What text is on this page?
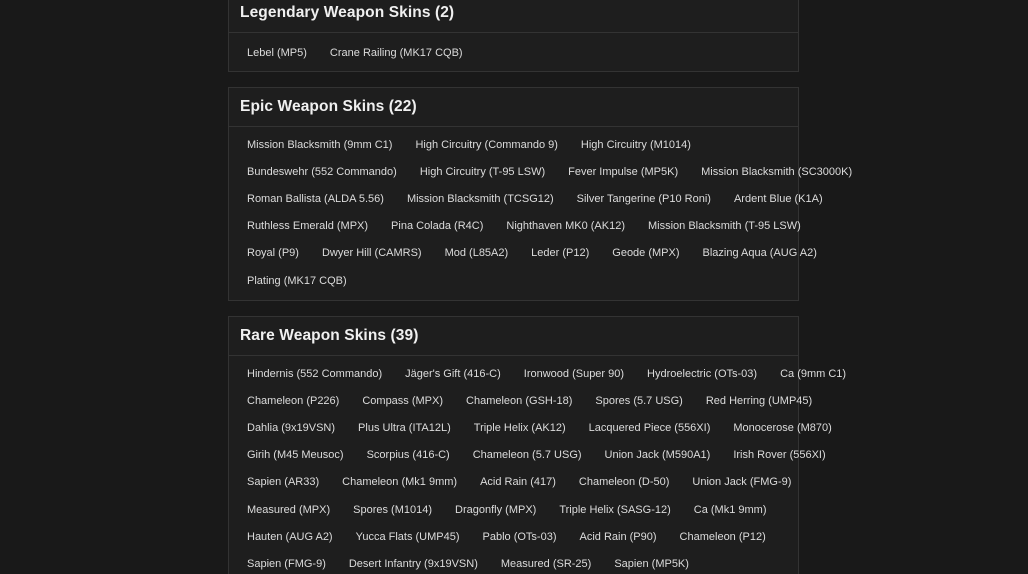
Legendary Weapon Skins (2)
Lebel (MP5)	Crane Railing (MK17 CQB)
Epic Weapon Skins (22)
Mission Blacksmith (9mm C1)	High Circuitry (Commando 9)	High Circuitry (M1014)
Bundeswehr (552 Commando)	High Circuitry (T-95 LSW)	Fever Impulse (MP5K)	Mission Blacksmith (SC3000K)
Roman Ballista (ALDA 5.56)	Mission Blacksmith (TCSG12)	Silver Tangerine (P10 Roni)	Ardent Blue (K1A)
Ruthless Emerald (MPX)	Pina Colada (R4C)	Nighthaven MK0 (AK12)	Mission Blacksmith (T-95 LSW)
Royal (P9)	Dwyer Hill (CAMRS)	Mod (L85A2)	Leder (P12)	Geode (MPX)	Blazing Aqua (AUG A2)
Plating (MK17 CQB)
Rare Weapon Skins (39)
Hindernis (552 Commando)	Jäger's Gift (416-C)	Ironwood (Super 90)	Hydroelectric (OTs-03)	Ca (9mm C1)
Chameleon (P226)	Compass (MPX)	Chameleon (GSH-18)	Spores (5.7 USG)	Red Herring (UMP45)
Dahlia (9x19VSN)	Plus Ultra (ITA12L)	Triple Helix (AK12)	Lacquered Piece (556XI)	Monocerose (M870)
Girih (M45 Meusoc)	Scorpius (416-C)	Chameleon (5.7 USG)	Union Jack (M590A1)	Irish Rover (556XI)
Sapien (AR33)	Chameleon (Mk1 9mm)	Acid Rain (417)	Chameleon (D-50)	Union Jack (FMG-9)
Measured (MPX)	Spores (M1014)	Dragonfly (MPX)	Triple Helix (SASG-12)	Ca (Mk1 9mm)
Hauten (AUG A2)	Yucca Flats (UMP45)	Pablo (OTs-03)	Acid Rain (P90)	Chameleon (P12)
Sapien (FMG-9)	Desert Infantry (9x19VSN)	Measured (SR-25)	Sapien (MP5K)
